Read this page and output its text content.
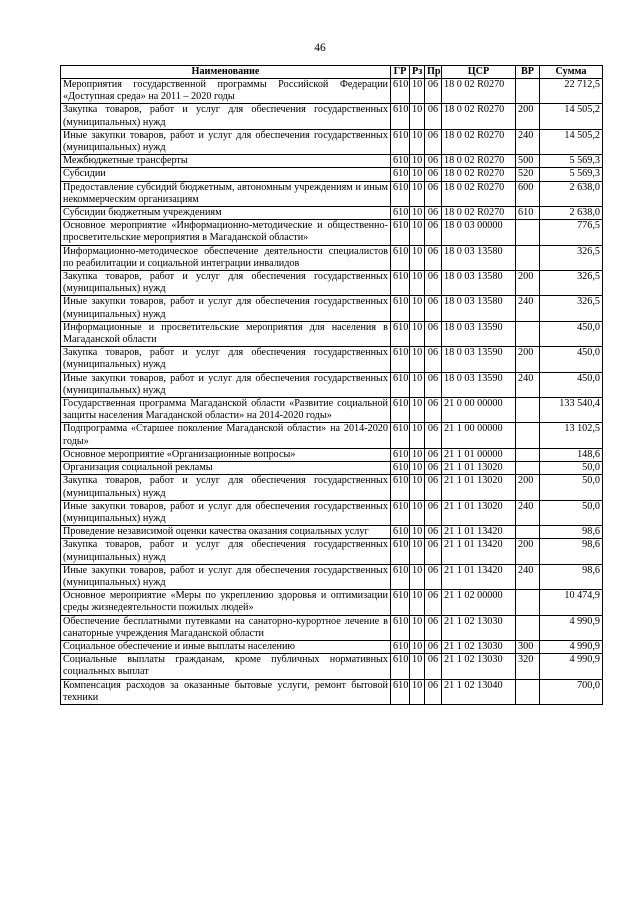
46
Наименование	ГР	Рз	Пр	ЦСР	ВР	Сумма
Мероприятия государственной программы Российской Федерации «Доступная среда» на 2011 – 2020 годы	610	10	06	18 0 02 R0270		22 712,5
Закупка товаров, работ и услуг для обеспечения государственных (муниципальных) нужд	610	10	06	18 0 02 R0270	200	14 505,2
Иные закупки товаров, работ и услуг для обеспечения государственных (муниципальных) нужд	610	10	06	18 0 02 R0270	240	14 505,2
Межбюджетные трансферты	610	10	06	18 0 02 R0270	500	5 569,3
Субсидии	610	10	06	18 0 02 R0270	520	5 569,3
Предоставление субсидий бюджетным, автономным учреждениям и иным некоммерческим организациям	610	10	06	18 0 02 R0270	600	2 638,0
Субсидии бюджетным учреждениям	610	10	06	18 0 02 R0270	610	2 638,0
Основное мероприятие «Информационно-методические и общественно-просветительские мероприятия в Магаданской области»	610	10	06	18 0 03 00000		776,5
Информационно-методическое обеспечение деятельности специалистов по реабилитации и социальной интеграции инвалидов	610	10	06	18 0 03 13580		326,5
Закупка товаров, работ и услуг для обеспечения государственных (муниципальных) нужд	610	10	06	18 0 03 13580	200	326,5
Иные закупки товаров, работ и услуг для обеспечения государственных (муниципальных) нужд	610	10	06	18 0 03 13580	240	326,5
Информационные и просветительские мероприятия для населения в Магаданской области	610	10	06	18 0 03 13590		450,0
Закупка товаров, работ и услуг для обеспечения государственных (муниципальных) нужд	610	10	06	18 0 03 13590	200	450,0
Иные закупки товаров, работ и услуг для обеспечения государственных (муниципальных) нужд	610	10	06	18 0 03 13590	240	450,0
Государственная программа Магаданской области «Развитие социальной защиты населения Магаданской области» на 2014-2020 годы»	610	10	06	21 0 00 00000		133 540,4
Подпрограмма «Старшее поколение Магаданской области» на 2014-2020 годы»	610	10	06	21 1 00 00000		13 102,5
Основное мероприятие «Организационные вопросы»	610	10	06	21 1 01 00000		148,6
Организация социальной рекламы	610	10	06	21 1 01 13020		50,0
Закупка товаров, работ и услуг для обеспечения государственных (муниципальных) нужд	610	10	06	21 1 01 13020	200	50,0
Иные закупки товаров, работ и услуг для обеспечения государственных (муниципальных) нужд	610	10	06	21 1 01 13020	240	50,0
Проведение независимой оценки качества оказания социальных услуг	610	10	06	21 1 01 13420		98,6
Закупка товаров, работ и услуг для обеспечения государственных (муниципальных) нужд	610	10	06	21 1 01 13420	200	98,6
Иные закупки товаров, работ и услуг для обеспечения государственных (муниципальных) нужд	610	10	06	21 1 01 13420	240	98,6
Основное мероприятие «Меры по укреплению здоровья и оптимизации среды жизнедеятельности пожилых людей»	610	10	06	21 1 02 00000		10 474,9
Обеспечение бесплатными путевками на санаторно-курортное лечение в санаторные учреждения Магаданской области	610	10	06	21 1 02 13030		4 990,9
Социальное обеспечение и иные выплаты населению	610	10	06	21 1 02 13030	300	4 990,9
Социальные выплаты гражданам, кроме публичных нормативных социальных выплат	610	10	06	21 1 02 13030	320	4 990,9
Компенсация расходов за оказанные бытовые услуги, ремонт бытовой техники	610	10	06	21 1 02 13040		700,0
